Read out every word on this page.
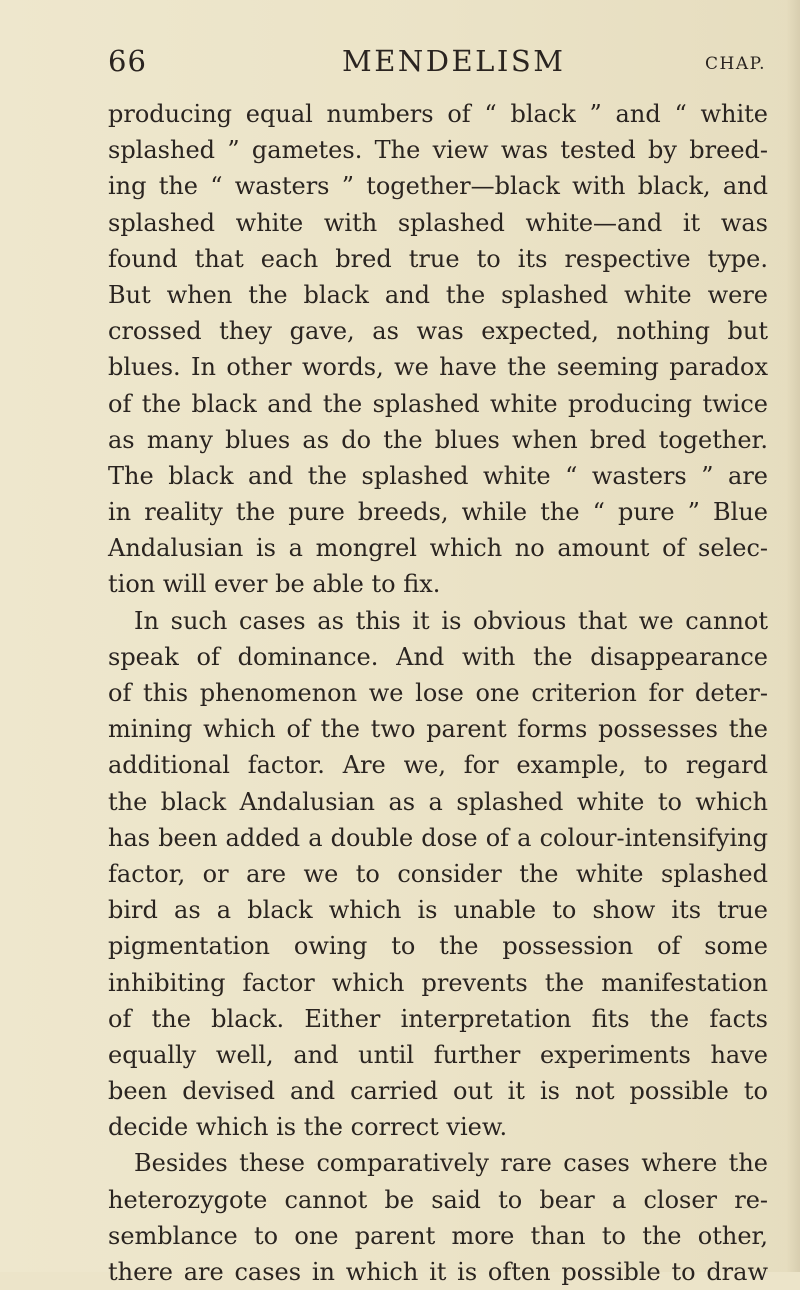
66	MENDELISM	CHAP.
producing equal numbers of “ black ” and “ white
splashed ” gametes. The view was tested by breed-
ing the “ wasters ” together—black with black, and
splashed white with splashed white—and it was
found that each bred true to its respective type.
But when the black and the splashed white were
crossed they gave, as was expected, nothing but
blues. In other words, we have the seeming paradox
of the black and the splashed white producing twice
as many blues as do the blues when bred together.
The black and the splashed white “ wasters ” are
in reality the pure breeds, while the “ pure ” Blue
Andalusian is a mongrel which no amount of selec-
tion will ever be able to fix.
In such cases as this it is obvious that we cannot
speak of dominance. And with the disappearance
of this phenomenon we lose one criterion for deter-
mining which of the two parent forms possesses the
additional factor. Are we, for example, to regard
the black Andalusian as a splashed white to which
has been added a double dose of a colour-intensifying
factor, or are we to consider the white splashed
bird as a black which is unable to show its true
pigmentation owing to the possession of some
inhibiting factor which prevents the manifestation
of the black. Either interpretation fits the facts
equally well, and until further experiments have
been devised and carried out it is not possible to
decide which is the correct view.
Besides these comparatively rare cases where the
heterozygote cannot be said to bear a closer re-
semblance to one parent more than to the other,
there are cases in which it is often possible to draw
